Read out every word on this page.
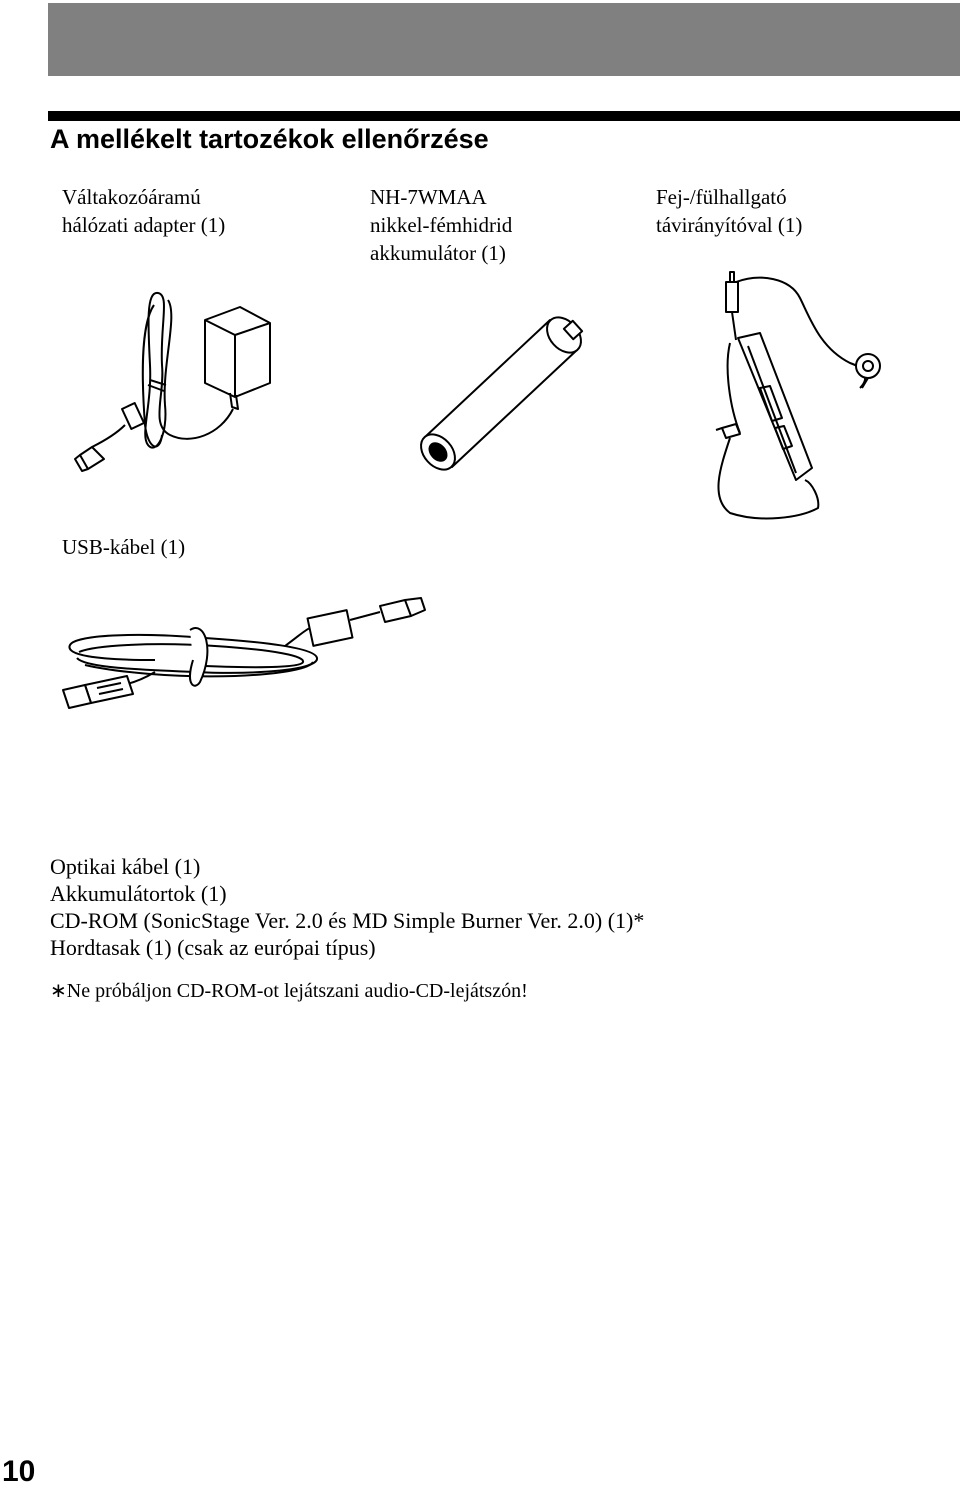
A mellékelt tartozékok ellenőrzése
Váltakozóáramú
hálózati adapter (1)
NH-7WMAA
nikkel-fémhidrid
akkumulátor (1)
Fej-/fülhallgató
távirányítóval (1)
USB-kábel (1)
Optikai kábel (1)
Akkumulátortok (1)
CD-ROM (SonicStage Ver. 2.0 és MD Simple Burner Ver. 2.0) (1)*
Hordtasak (1) (csak az európai típus)
∗Ne próbáljon CD-ROM-ot lejátszani audio-CD-lejátszón!
10
